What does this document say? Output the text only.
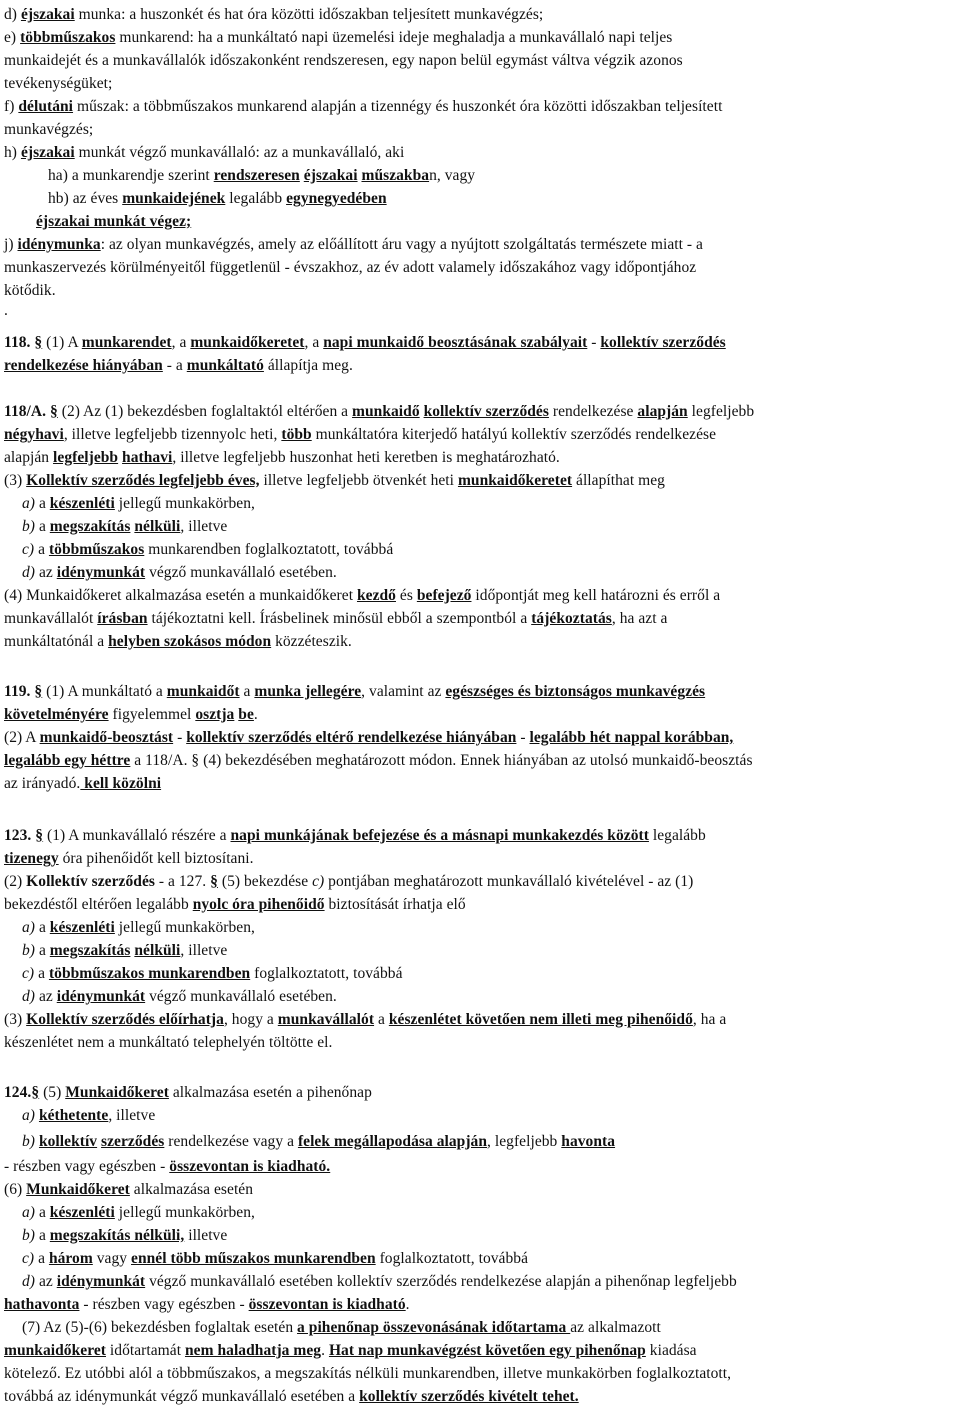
d) éjszakai munka: a huszonkét és hat óra közötti időszakban teljesített munkavégzés;
e) többműszakos munkarend: ha a munkáltató napi üzemelési ideje meghaladja a munkavállaló napi teljes
munkaidejét és a munkavállalók időszakonként rendszeresen, egy napon belül egymást váltva végzik azonos
tevékenységüket;
f) délutáni műszak: a többműszakos munkarend alapján a tizennégy és huszonkét óra közötti időszakban teljesített
munkavégzés;
h) éjszakai munkát végző munkavállaló: az a munkavállaló, aki
ha) a munkarendje szerint rendszeresen éjszakai műszakban, vagy
hb) az éves munkaidejének legalább egynegyedében
éjszakai munkát végez;
j) idénymunka: az olyan munkavégzés, amely az előállított áru vagy a nyújtott szolgáltatás természete miatt - a
munkaszervezés körülményeitől függetlenül - évszakhoz, az év adott valamely időszakához vagy időpontjához
kötődik.
.
118. § (1) A munkarendet, a munkaidőkeretet, a napi munkaidő beosztásának szabályait - kollektív szerződés
rendelkezése hiányában - a munkáltató állapítja meg.
118/A. § (2) Az (1) bekezdésben foglaltaktól eltérően a munkaidő kollektív szerződés rendelkezése alapján legfeljebb
négyhavi, illetve legfeljebb tizennyolc heti, több munkáltatóra kiterjedő hatályú kollektív szerződés rendelkezése
alapján legfeljebb hathavi, illetve legfeljebb huszonhat heti keretben is meghatározható.
(3) Kollektív szerződés legfeljebb éves, illetve legfeljebb ötvenkét heti munkaidőkeretet állapíthat meg
a) a készenléti jellegű munkakörben,
b) a megszakítás nélküli, illetve
c) a többműszakos munkarendben foglalkoztatott, továbbá
d) az idénymunkát végző munkavállaló esetében.
(4) Munkaidőkeret alkalmazása esetén a munkaidőkeret kezdő és befejező időpontját meg kell határozni és erről a
munkavállalót írásban tájékoztatni kell. Írásbelinek minősül ebből a szempontból a tájékoztatás, ha azt a
munkáltatónál a helyben szokásos módon közzéteszik.
119. § (1) A munkáltató a munkaidőt a munka jellegére, valamint az egészséges és biztonságos munkavégzés
követelményére figyelemmel osztja be.
(2) A munkaidő-beosztást - kollektív szerződés eltérő rendelkezése hiányában - legalább hét nappal korábban,
legalább egy héttre a 118/A. § (4) bekezdésében meghatározott módon. Ennek hiányában az utolsó munkaidő-beosztás
az irányadó. kell közölni
123. § (1) A munkavállaló részére a napi munkájának befejezése és a másnapi munkakezdés között legalább
tizenegy óra pihenőidőt kell biztosítani.
(2) Kollektív szerződés - a 127. § (5) bekezdése c) pontjában meghatározott munkavállaló kivételével - az (1)
bekezdéstől eltérően legalább nyolc óra pihenőidő biztosítását írhatja elő
a) a készenléti jellegű munkakörben,
b) a megszakítás nélküli, illetve
c) a többműszakos munkarendben foglalkoztatott, továbbá
d) az idénymunkát végző munkavállaló esetében.
(3) Kollektív szerződés előírhatja, hogy a munkavállalót a készenlétet követően nem illeti meg pihenőidő, ha a
készenlétet nem a munkáltató telephelyén töltötte el.
124.§ (5) Munkaidőkeret alkalmazása esetén a pihenőnap
a) kéthetente, illetve
b) kollektív szerződés rendelkezése vagy a felek megállapodása alapján, legfeljebb havonta
- részben vagy egészben - összevontan is kiadható.
(6) Munkaidőkeret alkalmazása esetén
a) a készenléti jellegű munkakörben,
b) a megszakítás nélküli, illetve
c) a három vagy ennél több műszakos munkarendben foglalkoztatott, továbbá
d) az idénymunkát végző munkavállaló esetében kollektív szerződés rendelkezése alapján a pihenőnap legfeljebb
hathavonta - részben vagy egészben - összevontan is kiadható.
(7) Az (5)-(6) bekezdésben foglaltak esetén a pihenőnap összevonásának időtartama az alkalmazott
munkaidőkeret időtartamát nem haladhatja meg. Hat nap munkavégzést követően egy pihenőnap kiadása
kötelező. Ez utóbbi alól a többműszakos, a megszakítás nélküli munkarendben, illetve munkakörben foglalkoztatott,
továbbá az idénymunkát végző munkavállaló esetében a kollektív szerződés kivételt tehet.
